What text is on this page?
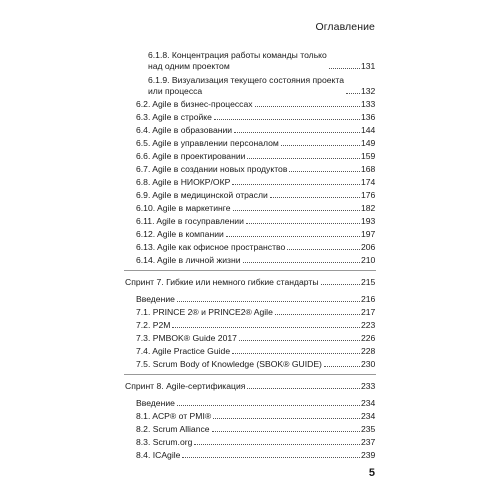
Оглавление
6.1.8. Концентрация работы команды только
над одним проектом	131
6.1.9. Визуализация текущего состояния проекта
или процесса	132
6.2. Agile в бизнес-процессах	133
6.3. Agile в стройке	136
6.4. Agile в образовании	144
6.5. Agile в управлении персоналом	149
6.6. Agile в проектировании	159
6.7. Agile в создании новых продуктов	168
6.8. Agile в НИОКР/ОКР	174
6.9. Agile в медицинской отрасли	176
6.10. Agile в маркетинге	182
6.11. Agile в госуправлении	193
6.12. Agile в компании	197
6.13. Agile как офисное пространство	206
6.14. Agile в личной жизни	210
Спринт 7. Гибкие или немного гибкие стандарты	215
Введение	216
7.1. PRINCE 2® и PRINCE2® Agile	217
7.2. P2M	223
7.3. PMBOK® Guide 2017	226
7.4. Agile Practice Guide	228
7.5. Scrum Body of Knowledge (SBOK® GUIDE)	230
Спринт 8. Agile-сертификация	233
Введение	234
8.1. ACP® от PMI®	234
8.2. Scrum Alliance	235
8.3. Scrum.org	237
8.4. ICAgile	239
5
